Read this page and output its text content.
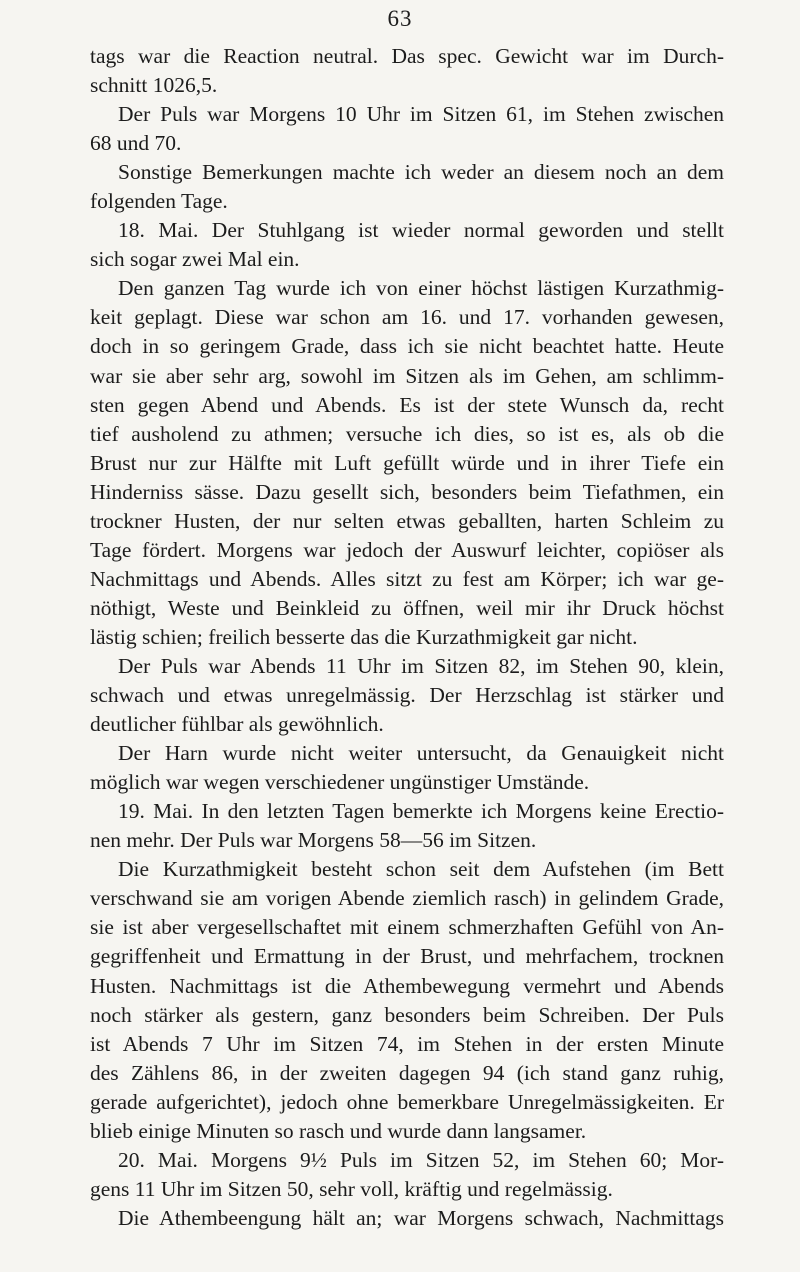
63
tags war die Reaction neutral. Das spec. Gewicht war im Durch-
schnitt 1026,5.
Der Puls war Morgens 10 Uhr im Sitzen 61, im Stehen zwischen
68 und 70.
Sonstige Bemerkungen machte ich weder an diesem noch an dem
folgenden Tage.
18. Mai. Der Stuhlgang ist wieder normal geworden und stellt
sich sogar zwei Mal ein.
Den ganzen Tag wurde ich von einer höchst lästigen Kurzathmig-
keit geplagt. Diese war schon am 16. und 17. vorhanden gewesen,
doch in so geringem Grade, dass ich sie nicht beachtet hatte. Heute
war sie aber sehr arg, sowohl im Sitzen als im Gehen, am schlimm-
sten gegen Abend und Abends. Es ist der stete Wunsch da, recht
tief ausholend zu athmen; versuche ich dies, so ist es, als ob die
Brust nur zur Hälfte mit Luft gefüllt würde und in ihrer Tiefe ein
Hinderniss sässe. Dazu gesellt sich, besonders beim Tiefathmen, ein
trockner Husten, der nur selten etwas geballten, harten Schleim zu
Tage fördert. Morgens war jedoch der Auswurf leichter, copiöser als
Nachmittags und Abends. Alles sitzt zu fest am Körper; ich war ge-
nöthigt, Weste und Beinkleid zu öffnen, weil mir ihr Druck höchst
lästig schien; freilich besserte das die Kurzathmigkeit gar nicht.
Der Puls war Abends 11 Uhr im Sitzen 82, im Stehen 90, klein,
schwach und etwas unregelmässig. Der Herzschlag ist stärker und
deutlicher fühlbar als gewöhnlich.
Der Harn wurde nicht weiter untersucht, da Genauigkeit nicht
möglich war wegen verschiedener ungünstiger Umstände.
19. Mai. In den letzten Tagen bemerkte ich Morgens keine Erectio-
nen mehr. Der Puls war Morgens 58—56 im Sitzen.
Die Kurzathmigkeit besteht schon seit dem Aufstehen (im Bett
verschwand sie am vorigen Abende ziemlich rasch) in gelindem Grade,
sie ist aber vergesellschaftet mit einem schmerzhaften Gefühl von An-
gegriffenheit und Ermattung in der Brust, und mehrfachem, trocknen
Husten. Nachmittags ist die Athembewegung vermehrt und Abends
noch stärker als gestern, ganz besonders beim Schreiben. Der Puls
ist Abends 7 Uhr im Sitzen 74, im Stehen in der ersten Minute
des Zählens 86, in der zweiten dagegen 94 (ich stand ganz ruhig,
gerade aufgerichtet), jedoch ohne bemerkbare Unregelmässigkeiten. Er
blieb einige Minuten so rasch und wurde dann langsamer.
20. Mai. Morgens 9½ Puls im Sitzen 52, im Stehen 60; Mor-
gens 11 Uhr im Sitzen 50, sehr voll, kräftig und regelmässig.
Die Athembeengung hält an; war Morgens schwach, Nachmittags
